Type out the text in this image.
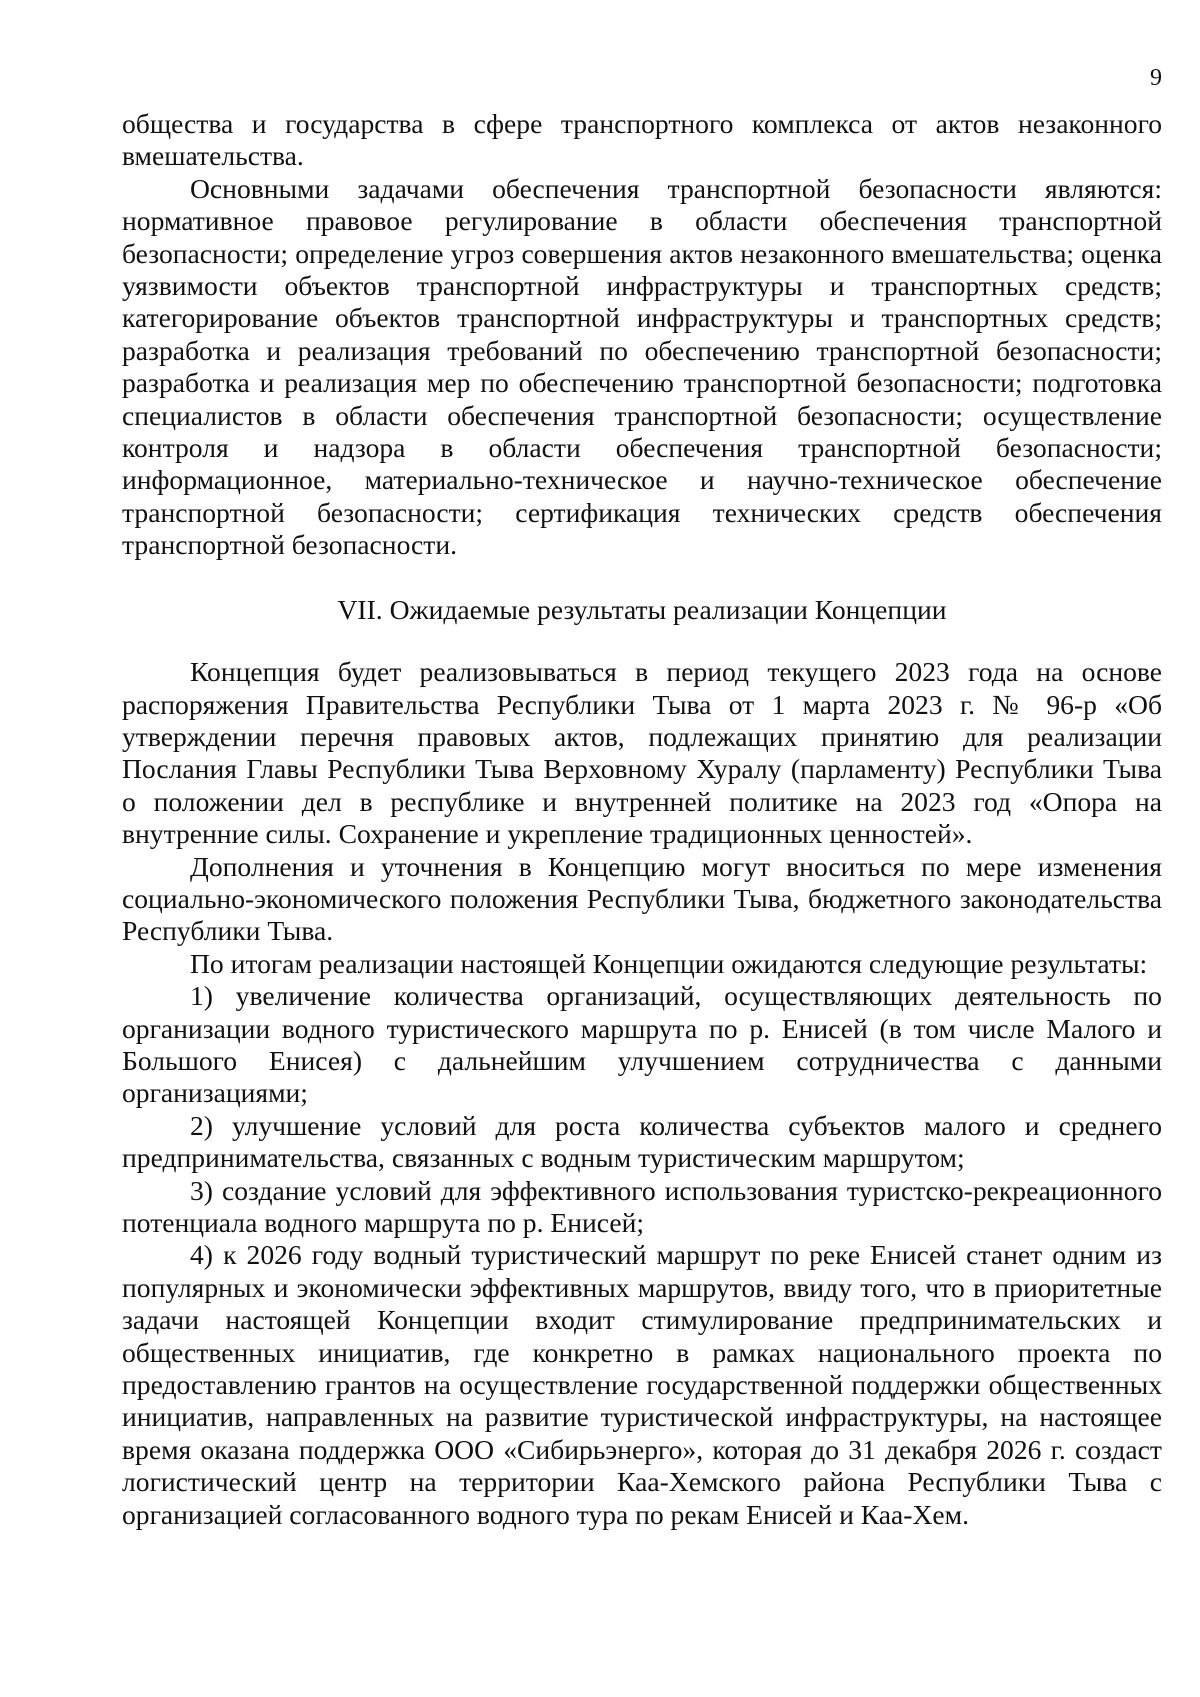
9

общества и государства в сфере транспортного комплекса от актов незаконного вмешательства.

Основными задачами обеспечения транспортной безопасности являются: нормативное правовое регулирование в области обеспечения транспортной безопасности; определение угроз совершения актов незаконного вмешательства; оценка уязвимости объектов транспортной инфраструктуры и транспортных средств; категорирование объектов транспортной инфраструктуры и транспортных средств; разработка и реализация требований по обеспечению транспортной безопасности; разработка и реализация мер по обеспечению транспортной безопасности; подготовка специалистов в области обеспечения транспортной безопасности; осуществление контроля и надзора в области обеспечения транспортной безопасности; информационное, материально-техническое и научно-техническое обеспечение транспортной безопасности; сертификация технических средств обеспечения транспортной безопасности.

VII. Ожидаемые результаты реализации Концепции

Концепция будет реализовываться в период текущего 2023 года на основе распоряжения Правительства Республики Тыва от 1 марта 2023 г. № 96-р «Об утверждении перечня правовых актов, подлежащих принятию для реализации Послания Главы Республики Тыва Верховному Хуралу (парламенту) Республики Тыва о положении дел в республике и внутренней политике на 2023 год «Опора на внутренние силы. Сохранение и укрепление традиционных ценностей».

Дополнения и уточнения в Концепцию могут вноситься по мере изменения социально-экономического положения Республики Тыва, бюджетного законодательства Республики Тыва.

По итогам реализации настоящей Концепции ожидаются следующие результаты:

1) увеличение количества организаций, осуществляющих деятельность по организации водного туристического маршрута по р. Енисей (в том числе Малого и Большого Енисея) с дальнейшим улучшением сотрудничества с данными организациями;

2) улучшение условий для роста количества субъектов малого и среднего предпринимательства, связанных с водным туристическим маршрутом;

3) создание условий для эффективного использования туристско-рекреационного потенциала водного маршрута по р. Енисей;

4) к 2026 году водный туристический маршрут по реке Енисей станет одним из популярных и экономически эффективных маршрутов, ввиду того, что в приоритетные задачи настоящей Концепции входит стимулирование предпринимательских и общественных инициатив, где конкретно в рамках национального проекта по предоставлению грантов на осуществление государственной поддержки общественных инициатив, направленных на развитие туристической инфраструктуры, на настоящее время оказана поддержка ООО «Сибирьэнерго», которая до 31 декабря 2026 г. создаст логистический центр на территории Каа-Хемского района Республики Тыва с организацией согласованного водного тура по рекам Енисей и Каа-Хем.
